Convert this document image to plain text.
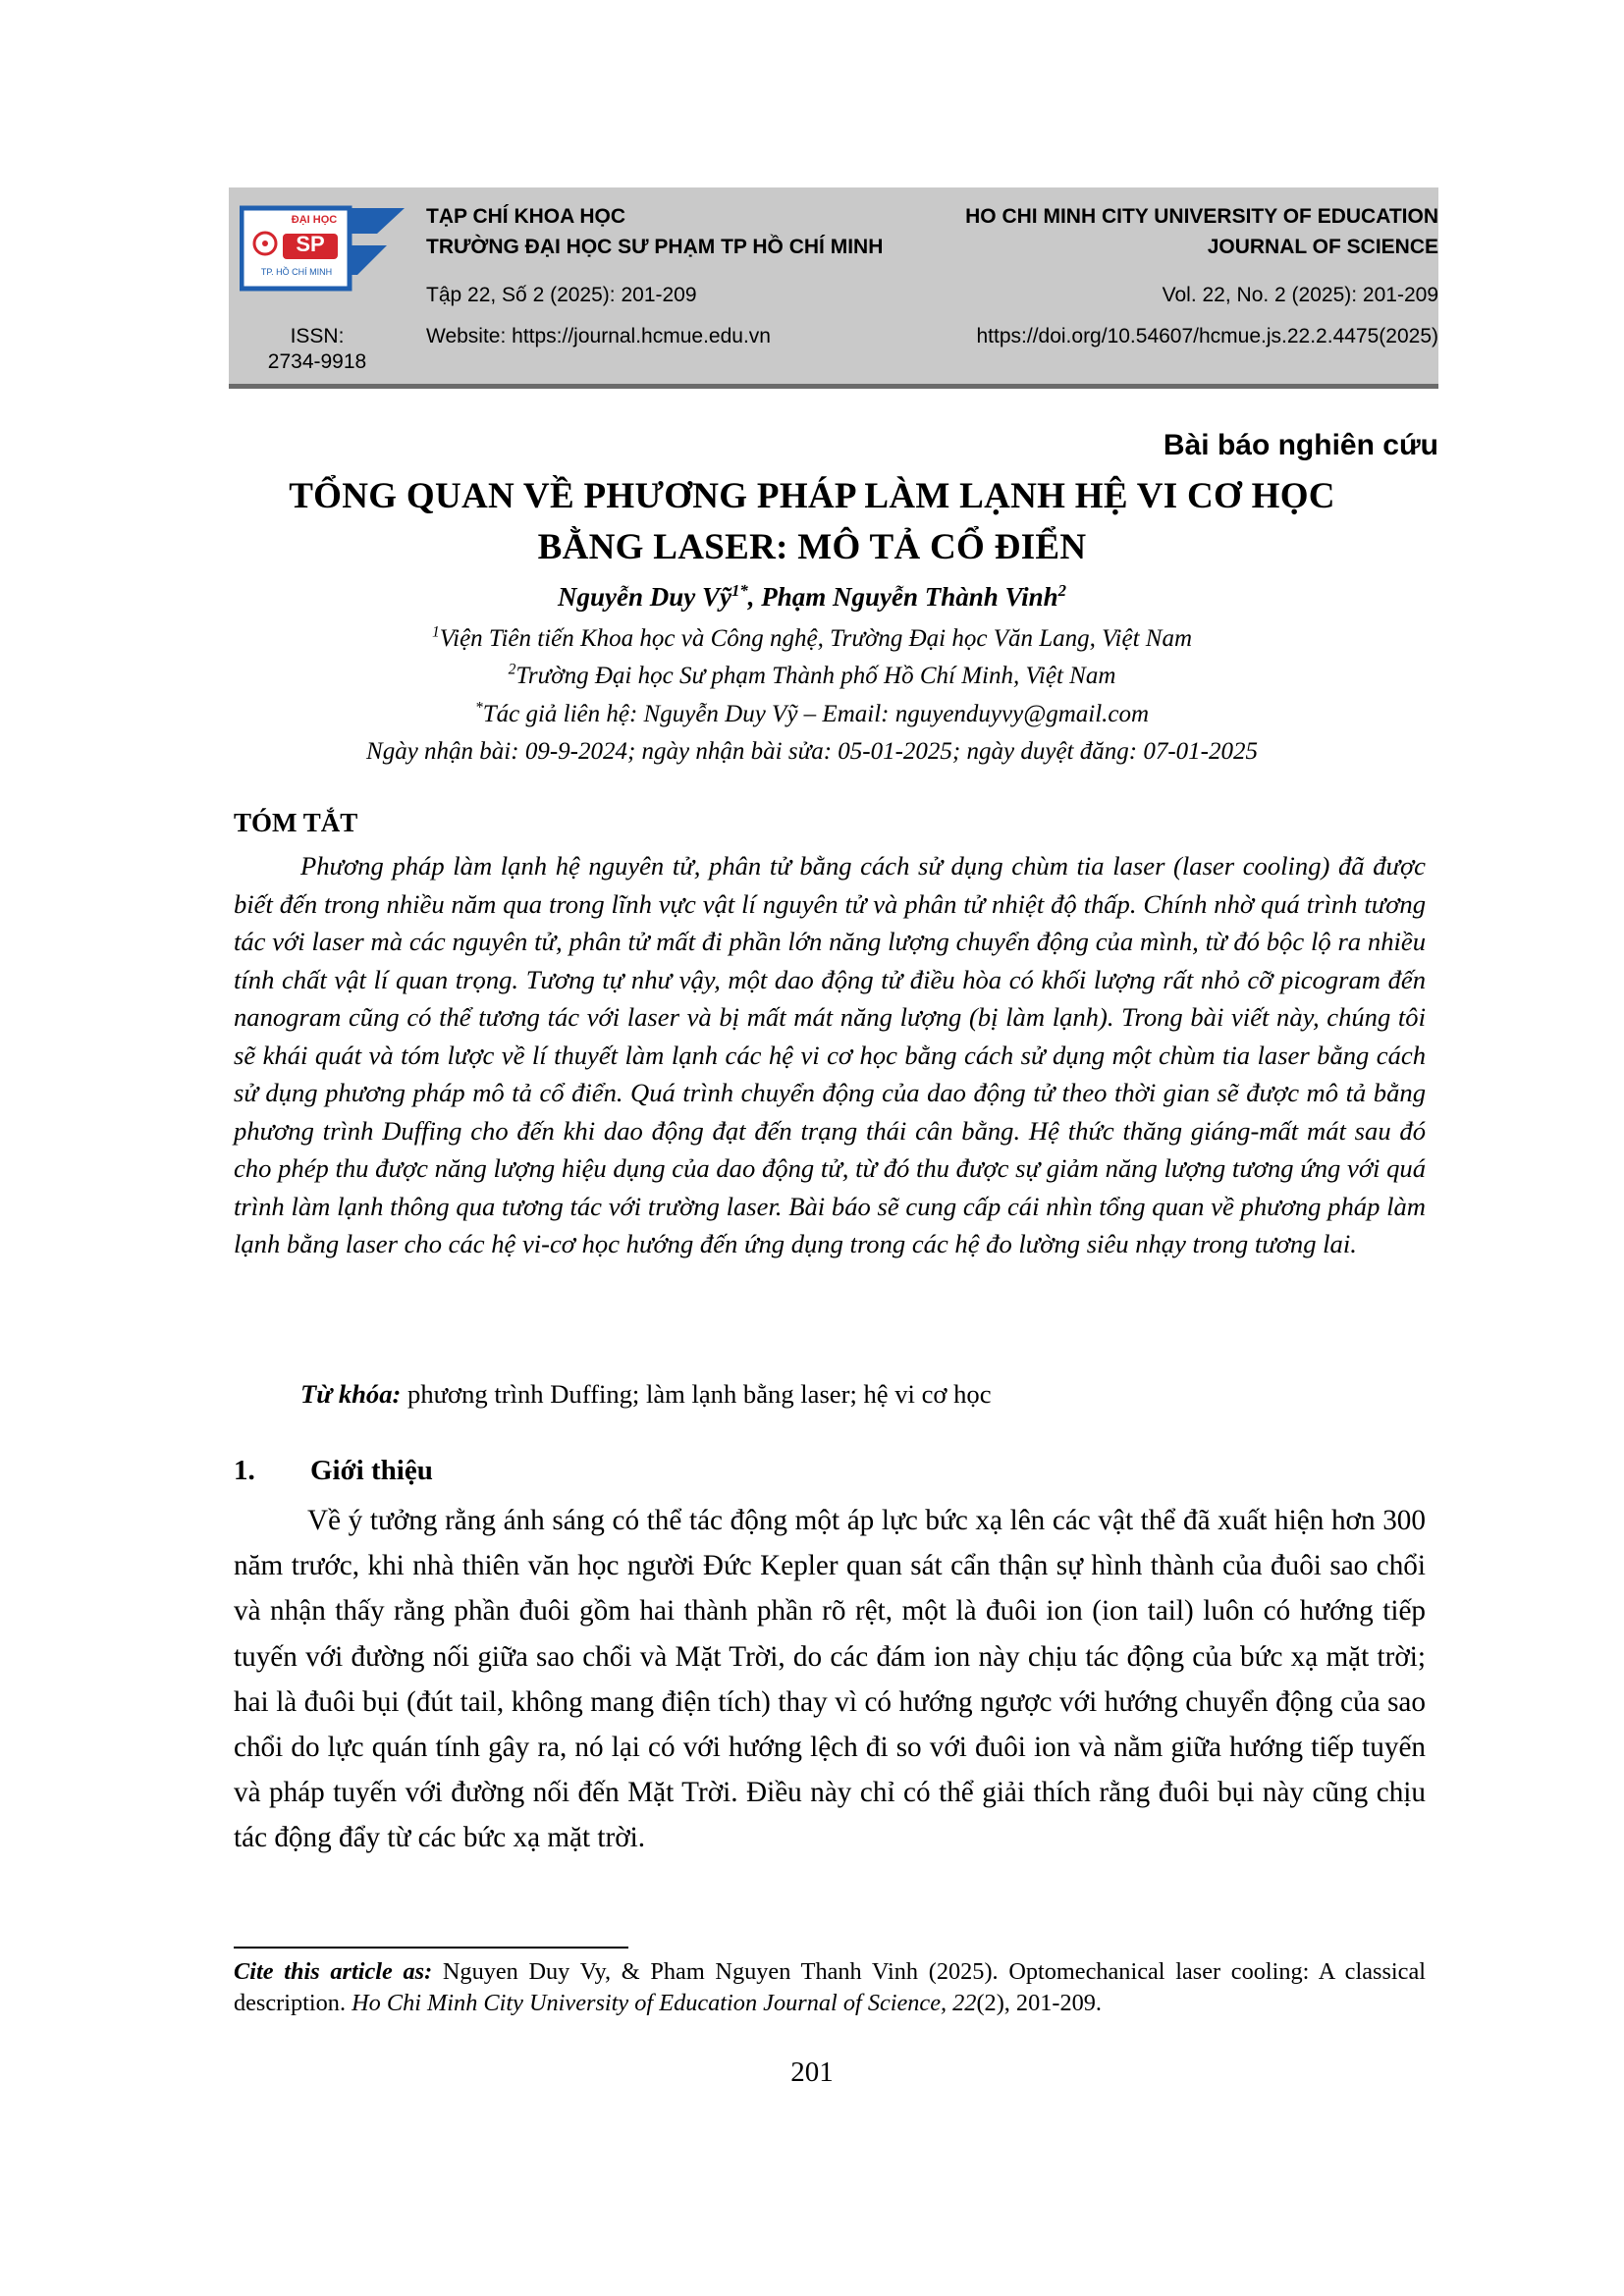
ĐẠI HỌC
SP
TP. HỒ CHÍ MINH
ISSN:
2734-9918
TẠP CHÍ KHOA HỌC
TRƯỜNG ĐẠI HỌC SƯ PHẠM TP HỒ CHÍ MINH
HO CHI MINH CITY UNIVERSITY OF EDUCATION
JOURNAL OF SCIENCE
Tập 22, Số 2 (2025): 201-209	Vol. 22, No. 2 (2025): 201-209
Website: https://journal.hcmue.edu.vn	https://doi.org/10.54607/hcmue.js.22.2.4475(2025)
Bài báo nghiên cứu
TỔNG QUAN VỀ PHƯƠNG PHÁP LÀM LẠNH HỆ VI CƠ HỌC
BẰNG LASER: MÔ TẢ CỔ ĐIỂN
Nguyễn Duy Vỹ$^{1*}$, Phạm Nguyễn Thành Vinh$^2$
$^1$Viện Tiên tiến Khoa học và Công nghệ, Trường Đại học Văn Lang, Việt Nam
$^2$Trường Đại học Sư phạm Thành phố Hồ Chí Minh, Việt Nam
*Tác giả liên hệ: Nguyễn Duy Vỹ – Email: nguyenduyvy@gmail.com
Ngày nhận bài: 09-9-2024; ngày nhận bài sửa: 05-01-2025; ngày duyệt đăng: 07-01-2025
TÓM TẮT

Phương pháp làm lạnh hệ nguyên tử, phân tử bằng cách sử dụng chùm tia laser (laser cooling) đã được biết đến trong nhiều năm qua trong lĩnh vực vật lí nguyên tử và phân tử nhiệt độ thấp. Chính nhờ quá trình tương tác với laser mà các nguyên tử, phân tử mất đi phần lớn năng lượng chuyển động của mình, từ đó bộc lộ ra nhiều tính chất vật lí quan trọng. Tương tự như vậy, một dao động tử điều hòa có khối lượng rất nhỏ cỡ picogram đến nanogram cũng có thể tương tác với laser và bị mất mát năng lượng (bị làm lạnh). Trong bài viết này, chúng tôi sẽ khái quát và tóm lược về lí thuyết làm lạnh các hệ vi cơ học bằng cách sử dụng một chùm tia laser bằng cách sử dụng phương pháp mô tả cổ điển. Quá trình chuyển động của dao động tử theo thời gian sẽ được mô tả bằng phương trình Duffing cho đến khi dao động đạt đến trạng thái cân bằng. Hệ thức thăng giáng-mất mát sau đó cho phép thu được năng lượng hiệu dụng của dao động tử, từ đó thu được sự giảm năng lượng tương ứng với quá trình làm lạnh thông qua tương tác với trường laser. Bài báo sẽ cung cấp cái nhìn tổng quan về phương pháp làm lạnh bằng laser cho các hệ vi-cơ học hướng đến ứng dụng trong các hệ đo lường siêu nhạy trong tương lai.

Từ khóa: phương trình Duffing; làm lạnh bằng laser; hệ vi cơ học
1. Giới thiệu

Về ý tưởng rằng ánh sáng có thể tác động một áp lực bức xạ lên các vật thể đã xuất hiện hơn 300 năm trước, khi nhà thiên văn học người Đức Kepler quan sát cẩn thận sự hình thành của đuôi sao chổi và nhận thấy rằng phần đuôi gồm hai thành phần rõ rệt, một là đuôi ion (ion tail) luôn có hướng tiếp tuyến với đường nối giữa sao chổi và Mặt Trời, do các đám ion này chịu tác động của bức xạ mặt trời; hai là đuôi bụi (đút tail, không mang điện tích) thay vì có hướng ngược với hướng chuyển động của sao chổi do lực quán tính gây ra, nó lại có với hướng lệch đi so với đuôi ion và nằm giữa hướng tiếp tuyến và pháp tuyến với đường nối đến Mặt Trời. Điều này chỉ có thể giải thích rằng đuôi bụi này cũng chịu tác động đẩy từ các bức xạ mặt trời.

Cite this article as: Nguyen Duy Vy, & Pham Nguyen Thanh Vinh (2025). Optomechanical laser cooling: A classical description. Ho Chi Minh City University of Education Journal of Science, 22(2), 201-209.

201
